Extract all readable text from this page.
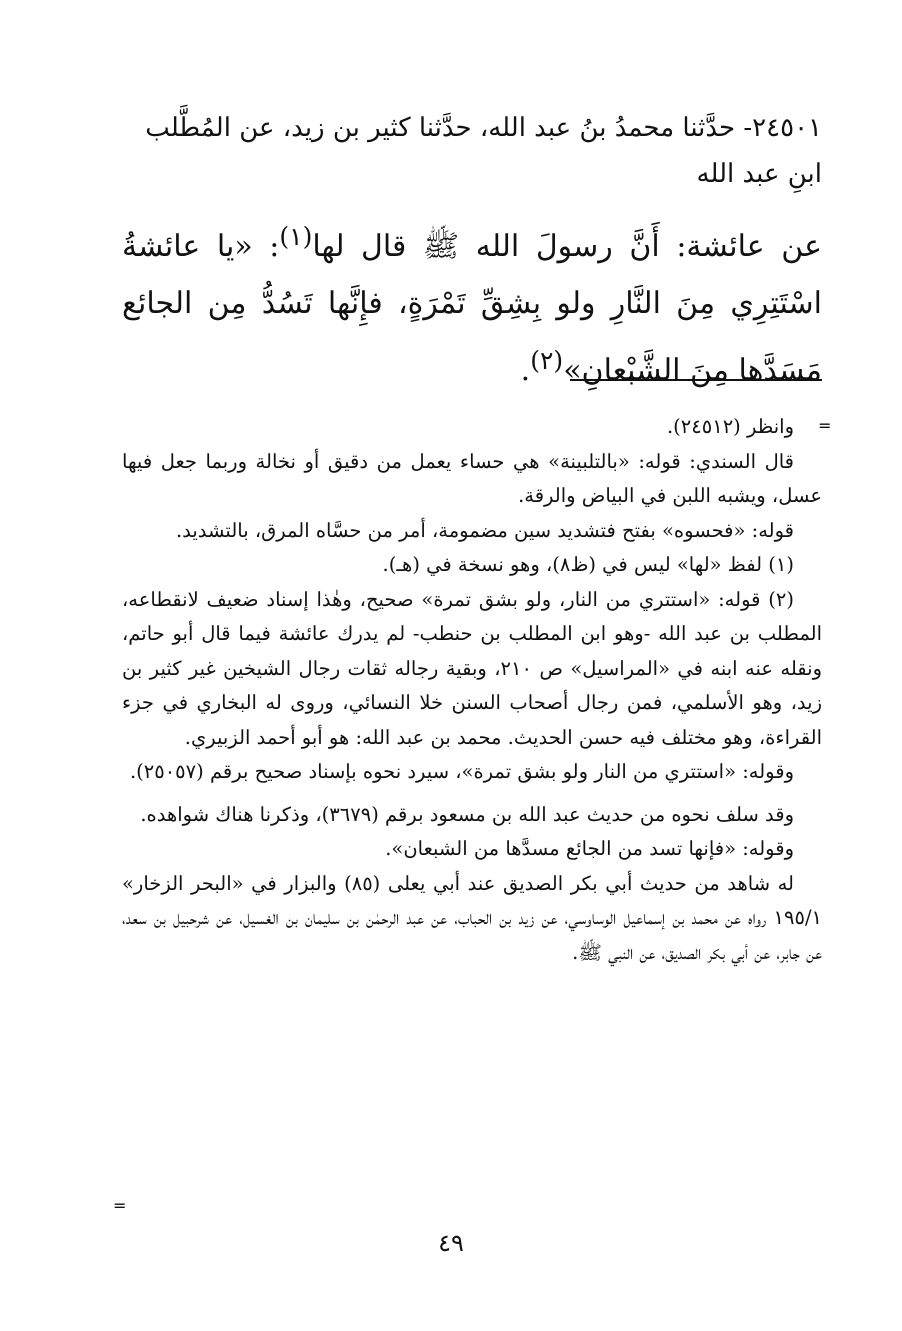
٢٤٥٠١- حدَّثنا محمدُ بنُ عبد الله، حدَّثنا كثير بن زيد، عن المُطَّلب
ابنِ عبد الله

عن عائشة: أَنَّ رسولَ الله ﷺ قال لها$^{(١)}$: «يا عائشةُ اسْتَتِرِي مِنَ النَّارِ ولو بِشِقِّ تَمْرَةٍ، فإِنَّها تَسُدُّ مِن الجائع مَسَدَّها مِنَ الشَّبْعانِ»$^{(٢)}$.

=

وانظر (٢٤٥١٢).

قال السندي: قوله: «بالتلبينة» هي حساء يعمل من دقيق أو نخالة وربما جعل فيها عسل، ويشبه اللبن في البياض والرقة.

قوله: «فحسوه» بفتح فتشديد سين مضمومة، أمر من حسَّاه المرق، بالتشديد.

(١) لفظ «لها» ليس في (ظ٨)، وهو نسخة في (هـ).

(٢) قوله: «استتري من النار، ولو بشق تمرة» صحيح، وهٰذا إسناد ضعيف لانقطاعه، المطلب بن عبد الله -وهو ابن المطلب بن حنطب- لم يدرك عائشة فيما قال أبو حاتم، ونقله عنه ابنه في «المراسيل» ص ٢١٠، وبقية رجاله ثقات رجال الشيخين غير كثير بن زيد، وهو الأسلمي، فمن رجال أصحاب السنن خلا النسائي، وروى له البخاري في جزء القراءة، وهو مختلف فيه حسن الحديث. محمد بن عبد الله: هو أبو أحمد الزبيري.

وقوله: «استتري من النار ولو بشق تمرة»، سيرد نحوه بإسناد صحيح برقم (٢٥٠٥٧).

وقد سلف نحوه من حديث عبد الله بن مسعود برقم (٣٦٧٩)، وذكرنا هناك شواهده.

وقوله: «فإنها تسد من الجائع مسدَّها من الشبعان».

له شاهد من حديث أبي بكر الصديق عند أبي يعلى (٨٥) والبزار في «البحر الزخار» ١٩٥/١ رواه عن محمد بن إسماعيل الوساوسي، عن زيد بن الحباب، عن عبد الرحمٰن بن سليمان بن الغسيل، عن شرحبيل بن سعد، عن جابر، عن أبي بكر الصديق، عن النبي ﷺ.

=
٤٩
